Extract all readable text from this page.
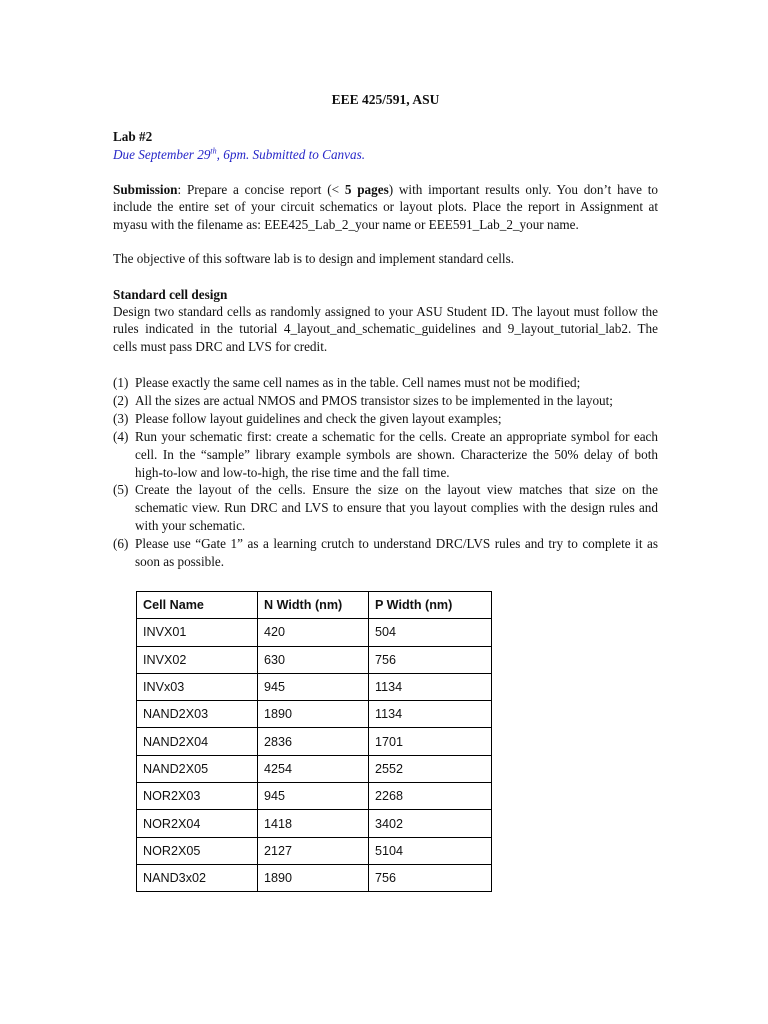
EEE 425/591, ASU
Lab #2
Due September 29th, 6pm. Submitted to Canvas.
Submission: Prepare a concise report (< 5 pages) with important results only. You don’t have to include the entire set of your circuit schematics or layout plots. Place the report in Assignment at myasu with the filename as: EEE425_Lab_2_your name or EEE591_Lab_2_your name.
The objective of this software lab is to design and implement standard cells.
Standard cell design
Design two standard cells as randomly assigned to your ASU Student ID. The layout must follow the rules indicated in the tutorial 4_layout_and_schematic_guidelines and 9_layout_tutorial_lab2. The cells must pass DRC and LVS for credit.
(1) Please exactly the same cell names as in the table. Cell names must not be modified;
(2) All the sizes are actual NMOS and PMOS transistor sizes to be implemented in the layout;
(3) Please follow layout guidelines and check the given layout examples;
(4) Run your schematic first: create a schematic for the cells. Create an appropriate symbol for each cell. In the “sample” library example symbols are shown. Characterize the 50% delay of both high-to-low and low-to-high, the rise time and the fall time.
(5) Create the layout of the cells. Ensure the size on the layout view matches that size on the schematic view. Run DRC and LVS to ensure that you layout complies with the design rules and with your schematic.
(6) Please use “Gate 1” as a learning crutch to understand DRC/LVS rules and try to complete it as soon as possible.
Cell Name	N Width (nm)	P Width (nm)
INVX01	420	504
INVX02	630	756
INVx03	945	1134
NAND2X03	1890	1134
NAND2X04	2836	1701
NAND2X05	4254	2552
NOR2X03	945	2268
NOR2X04	1418	3402
NOR2X05	2127	5104
NAND3x02	1890	756
